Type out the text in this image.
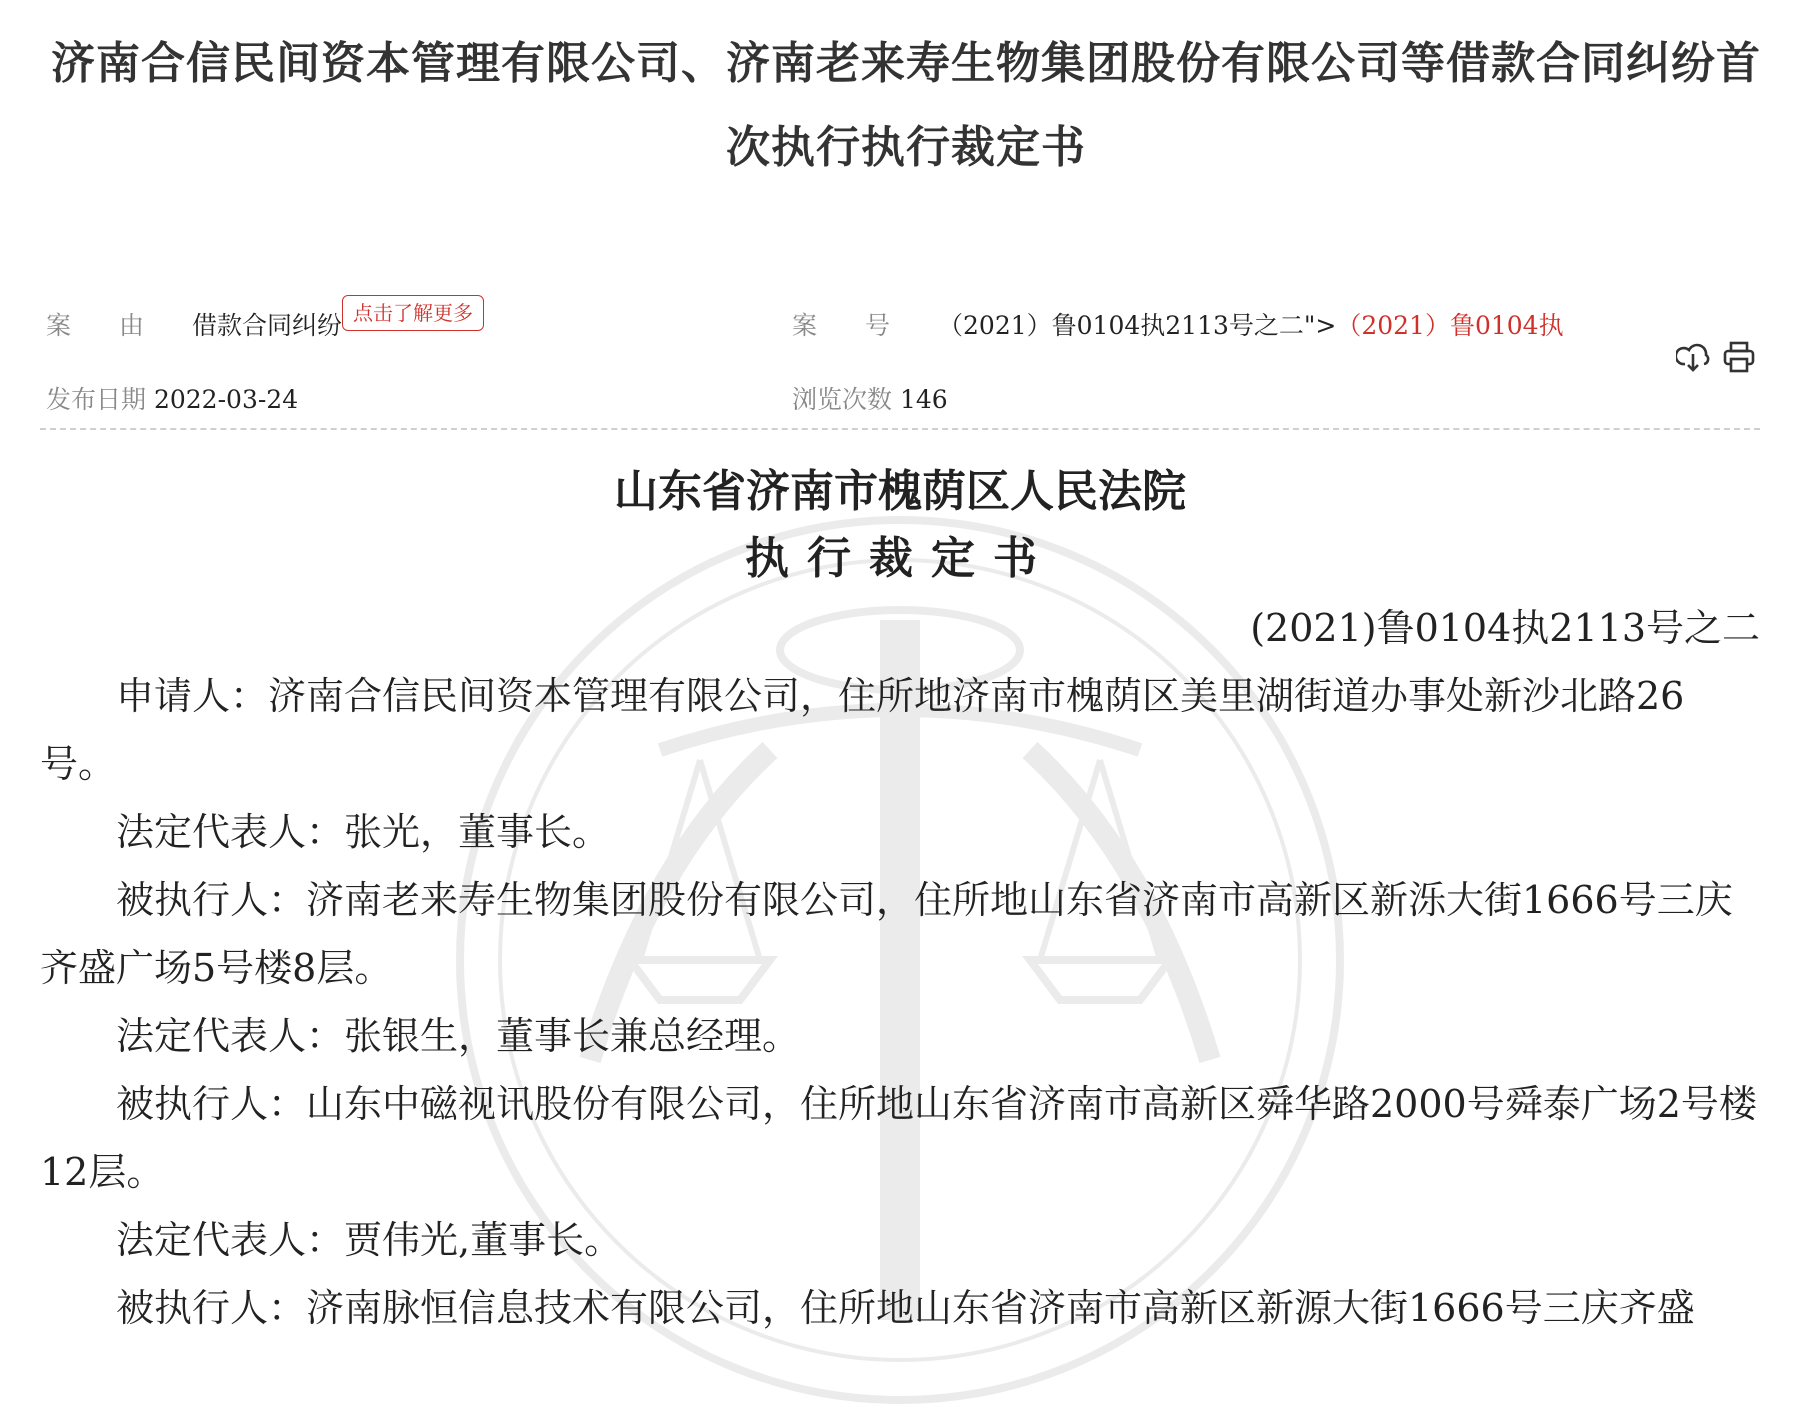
济南合信民间资本管理有限公司、济南老来寿生物集团股份有限公司等借款合同纠纷首次执行执行裁定书
案由借款合同纠纷 点击了解更多	案号（2021）鲁0104执2113号之二">（2021）鲁0104执
发布日期 2022-03-24	浏览次数 146

山东省济南市槐荫区人民法院

执行裁定书

(2021)鲁0104执2113号之二

申请人：济南合信民间资本管理有限公司，住所地济南市槐荫区美里湖街道办事处新沙北路26号。

法定代表人：张光，董事长。

被执行人：济南老来寿生物集团股份有限公司，住所地山东省济南市高新区新泺大街1666号三庆齐盛广场5号楼8层。

法定代表人：张银生，董事长兼总经理。

被执行人：山东中磁视讯股份有限公司，住所地山东省济南市高新区舜华路2000号舜泰广场2号楼12层。

法定代表人：贾伟光,董事长。

被执行人：济南脉恒信息技术有限公司，住所地山东省济南市高新区新源大街1666号三庆齐盛
